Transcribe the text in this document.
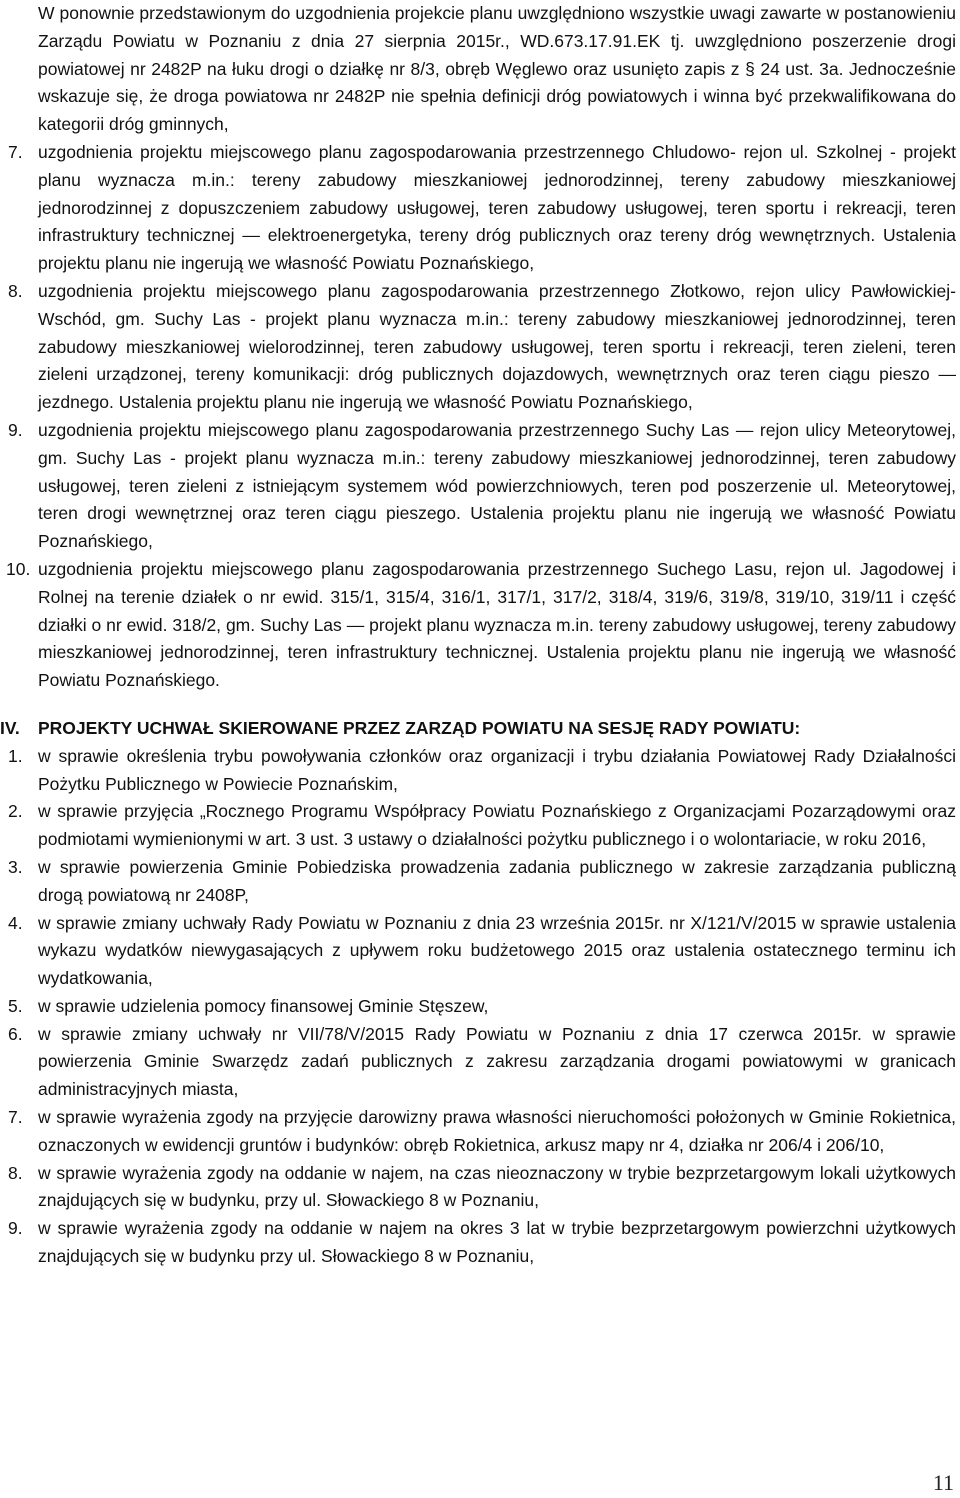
W ponownie przedstawionym do uzgodnienia projekcie planu uwzględniono wszystkie uwagi zawarte w postanowieniu Zarządu Powiatu w Poznaniu z dnia 27 sierpnia 2015r., WD.673.17.91.EK tj. uwzględniono poszerzenie drogi powiatowej nr 2482P na łuku drogi o działkę nr 8/3, obręb Węglewo oraz usunięto zapis z § 24 ust. 3a. Jednocześnie wskazuje się, że droga powiatowa nr 2482P nie spełnia definicji dróg powiatowych i winna być przekwalifikowana do kategorii dróg gminnych,

7. uzgodnienia projektu miejscowego planu zagospodarowania przestrzennego Chludowo- rejon ul. Szkolnej - projekt planu wyznacza m.in.: tereny zabudowy mieszkaniowej jednorodzinnej, tereny zabudowy mieszkaniowej jednorodzinnej z dopuszczeniem zabudowy usługowej, teren zabudowy usługowej, teren sportu i rekreacji, teren infrastruktury technicznej — elektroenergetyka, tereny dróg publicznych oraz tereny dróg wewnętrznych. Ustalenia projektu planu nie ingerują we własność Powiatu Poznańskiego,
8. uzgodnienia projektu miejscowego planu zagospodarowania przestrzennego Złotkowo, rejon ulicy Pawłowickiej-Wschód, gm. Suchy Las - projekt planu wyznacza m.in.: tereny zabudowy mieszkaniowej jednorodzinnej, teren zabudowy mieszkaniowej wielorodzinnej, teren zabudowy usługowej, teren sportu i rekreacji, teren zieleni, teren zieleni urządzonej, tereny komunikacji: dróg publicznych dojazdowych, wewnętrznych oraz teren ciągu pieszo — jezdnego. Ustalenia projektu planu nie ingerują we własność Powiatu Poznańskiego,
9. uzgodnienia projektu miejscowego planu zagospodarowania przestrzennego Suchy Las — rejon ulicy Meteorytowej, gm. Suchy Las - projekt planu wyznacza m.in.: tereny zabudowy mieszkaniowej jednorodzinnej, teren zabudowy usługowej, teren zieleni z istniejącym systemem wód powierzchniowych, teren pod poszerzenie ul. Meteorytowej, teren drogi wewnętrznej oraz teren ciągu pieszego. Ustalenia projektu planu nie ingerują we własność Powiatu Poznańskiego,
10. uzgodnienia projektu miejscowego planu zagospodarowania przestrzennego Suchego Lasu, rejon ul. Jagodowej i Rolnej na terenie działek o nr ewid. 315/1, 315/4, 316/1, 317/1, 317/2, 318/4, 319/6, 319/8, 319/10, 319/11 i część działki o nr ewid. 318/2, gm. Suchy Las — projekt planu wyznacza m.in. tereny zabudowy usługowej, tereny zabudowy mieszkaniowej jednorodzinnej, teren infrastruktury technicznej. Ustalenia projektu planu nie ingerują we własność Powiatu Poznańskiego.
IV.	PROJEKTY UCHWAŁ SKIEROWANE PRZEZ ZARZĄD POWIATU NA SESJĘ RADY POWIATU:
1. w sprawie określenia trybu powoływania członków oraz organizacji i trybu działania Powiatowej Rady Działalności Pożytku Publicznego w Powiecie Poznańskim,
2. w sprawie przyjęcia „Rocznego Programu Współpracy Powiatu Poznańskiego z Organizacjami Pozarządowymi oraz podmiotami wymienionymi w art. 3 ust. 3 ustawy o działalności pożytku publicznego i o wolontariacie, w roku 2016,
3. w sprawie powierzenia Gminie Pobiedziska prowadzenia zadania publicznego w zakresie zarządzania publiczną drogą powiatową nr 2408P,
4. w sprawie zmiany uchwały Rady Powiatu w Poznaniu z dnia 23 września 2015r. nr X/121/V/2015 w sprawie ustalenia wykazu wydatków niewygasających z upływem roku budżetowego 2015 oraz ustalenia ostatecznego terminu ich wydatkowania,
5. w sprawie udzielenia pomocy finansowej Gminie Stęszew,
6. w sprawie zmiany uchwały nr VII/78/V/2015 Rady Powiatu w Poznaniu z dnia 17 czerwca 2015r. w sprawie powierzenia Gminie Swarzędz zadań publicznych z zakresu zarządzania drogami powiatowymi w granicach administracyjnych miasta,
7. w sprawie wyrażenia zgody na przyjęcie darowizny prawa własności nieruchomości położonych w Gminie Rokietnica, oznaczonych w ewidencji gruntów i budynków: obręb Rokietnica, arkusz mapy nr 4, działka nr 206/4 i 206/10,
8. w sprawie wyrażenia zgody na oddanie w najem, na czas nieoznaczony w trybie bezprzetargowym lokali użytkowych znajdujących się w budynku, przy ul. Słowackiego 8 w Poznaniu,
9. w sprawie wyrażenia zgody na oddanie w najem na okres 3 lat w trybie bezprzetargowym powierzchni użytkowych znajdujących się w budynku przy ul. Słowackiego 8 w Poznaniu,
11
